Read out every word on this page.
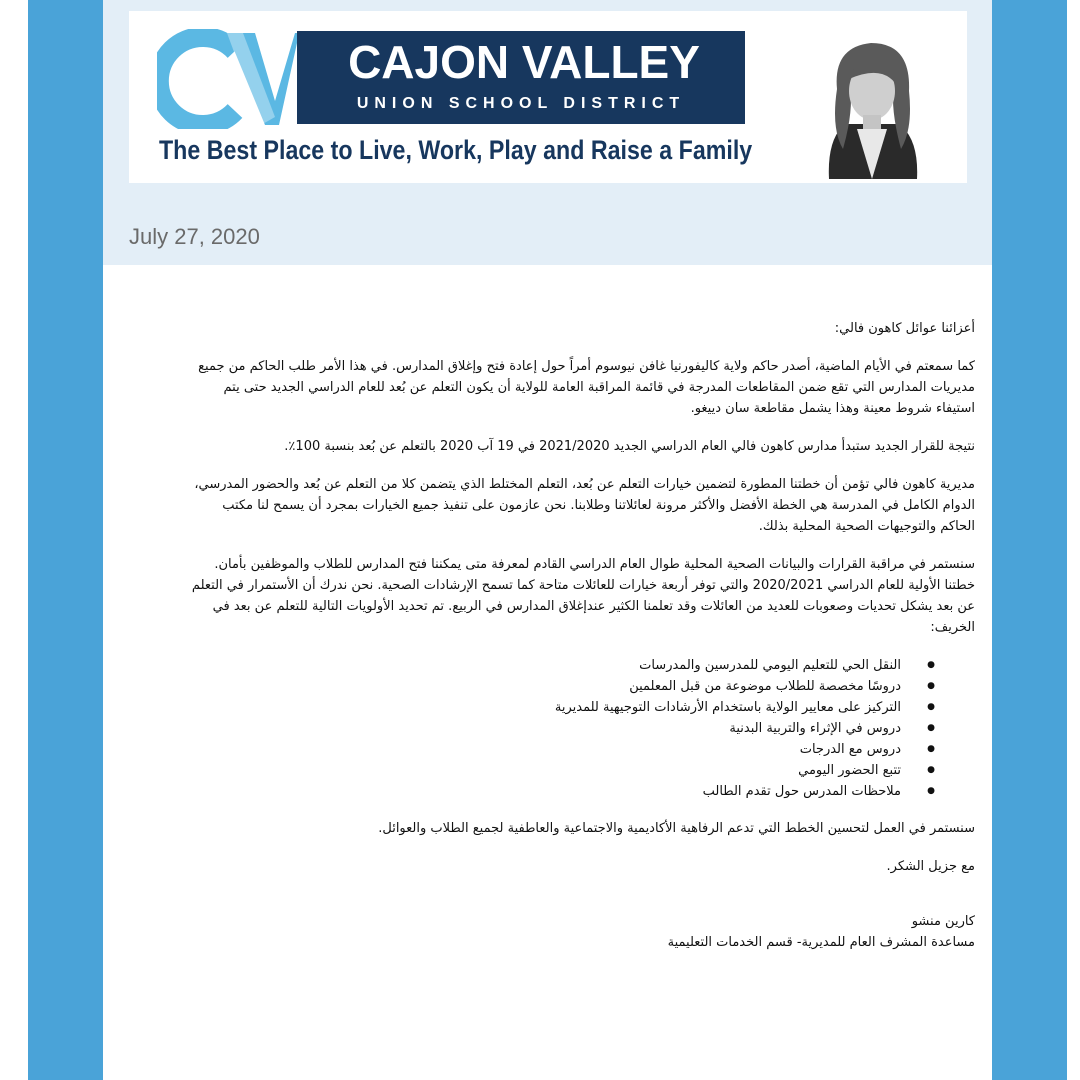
CAJON VALLEY
UNION SCHOOL DISTRICT
The Best Place to Live, Work, Play and Raise a Family
July 27, 2020

أعزائنا عوائل كاهون فالي:

كما سمعتم في الأيام الماضية، أصدر حاكم ولاية كاليفورنيا غافن نيوسوم أمراً حول إعادة فتح وإغلاق المدارس. في هذا الأمر طلب الحاكم من جميع مديريات المدارس التي تقع ضمن المقاطعات المدرجة في قائمة المراقبة العامة للولاية أن يكون التعلم عن بُعد للعام الدراسي الجديد حتى يتم استيفاء شروط معينة وهذا يشمل مقاطعة سان دييغو.

نتيجة للقرار الجديد ستبدأ مدارس كاهون فالي العام الدراسي الجديد 2021/2020 في 19 آب 2020 بالتعلم عن بُعد بنسبة 100٪.

مديرية كاهون فالي تؤمن أن خطتنا المطورة لتضمين خيارات التعلم عن بُعد، التعلم المختلط الذي يتضمن كلا من التعلم عن بُعد والحضور المدرسي، الدوام الكامل في المدرسة هي الخطة الأفضل والأكثر مرونة لعائلاتنا وطلابنا. نحن عازمون على تنفيذ جميع الخيارات بمجرد أن يسمح لنا مكتب الحاكم والتوجيهات الصحية المحلية بذلك.

سنستمر في مراقبة القرارات والبيانات الصحية المحلية طوال العام الدراسي القادم لمعرفة متى يمكننا فتح المدارس للطلاب والموظفين بأمان. خطتنا الأولية للعام الدراسي 2020/2021 والتي توفر أربعة خيارات للعائلات متاحة كما تسمح الإرشادات الصحية. نحن ندرك أن الأستمرار في التعلم عن بعد يشكل تحديات وصعوبات للعديد من العائلات وقد تعلمنا الكثير عندإغلاق المدارس في الربيع. تم تحديد الأولويات التالية للتعلم عن بعد في الخريف:

● النقل الحي للتعليم اليومي للمدرسين والمدرسات
● دروسًا مخصصة للطلاب موضوعة من قبل المعلمين
● التركيز على معايير الولاية باستخدام الأرشادات التوجيهية للمديرية
● دروس في الإثراء والتربية البدنية
● دروس مع الدرجات
● تتبع الحضور اليومي
● ملاحظات المدرس حول تقدم الطالب

سنستمر في العمل لتحسين الخطط التي تدعم الرفاهية الأكاديمية والاجتماعية والعاطفية لجميع الطلاب والعوائل.

مع جزيل الشكر.

كارين منشو
مساعدة المشرف العام للمديرية- قسم الخدمات التعليمية
